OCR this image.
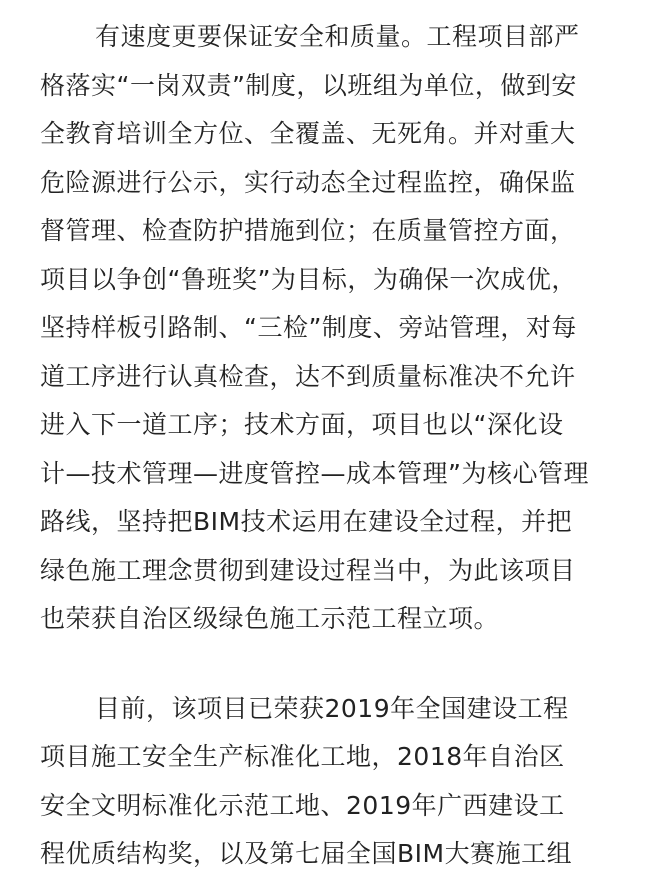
有速度更要保证安全和质量。工程项目部严
格落实“一岗双责”制度，以班组为单位，做到安
全教育培训全方位、全覆盖、无死角。并对重大
危险源进行公示，实行动态全过程监控，确保监
督管理、检查防护措施到位；在质量管控方面，
项目以争创“鲁班奖”为目标，为确保一次成优，
坚持样板引路制、“三检”制度、旁站管理，对每
道工序进行认真检查，达不到质量标准决不允许
进入下一道工序；技术方面，项目也以“深化设
计—技术管理—进度管控—成本管理”为核心管理
路线，坚持把BIM技术运用在建设全过程，并把
绿色施工理念贯彻到建设过程当中，为此该项目
也荣获自治区级绿色施工示范工程立项。
目前，该项目已荣获2019年全国建设工程
项目施工安全生产标准化工地，2018年自治区
安全文明标准化示范工地、2019年广西建设工
程优质结构奖，以及第七届全国BIM大赛施工组
